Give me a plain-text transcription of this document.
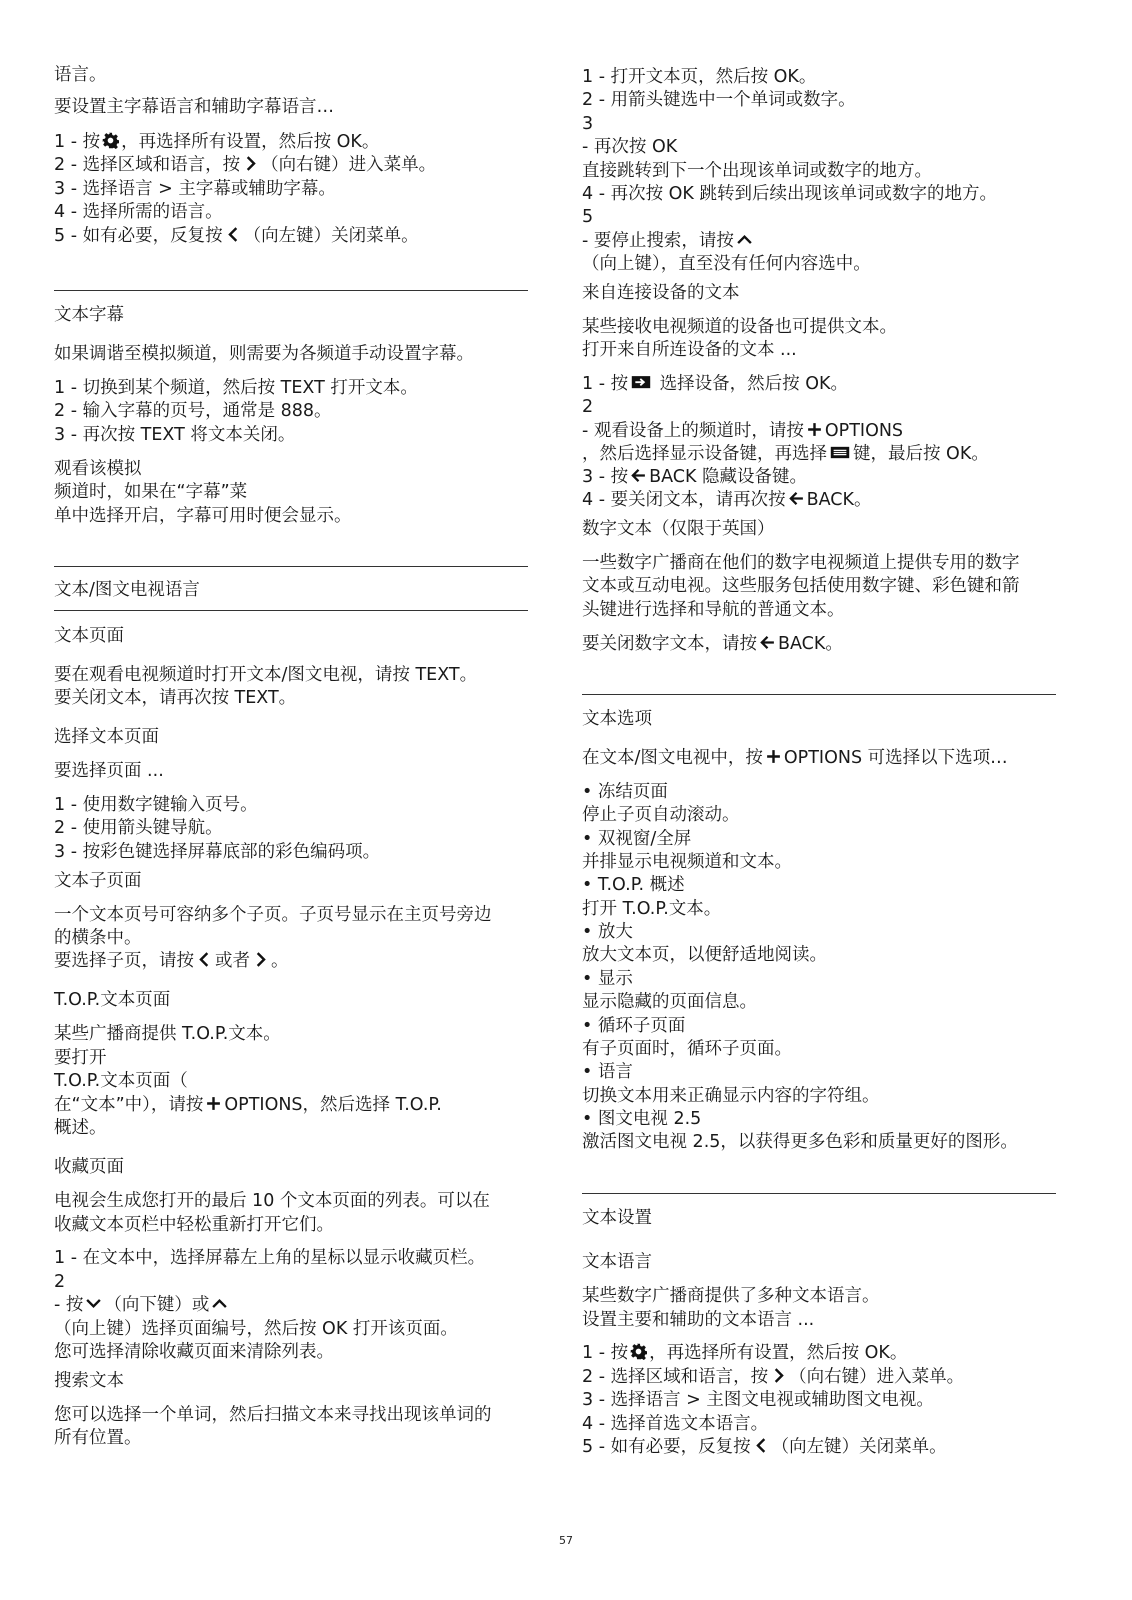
语言。
要设置主字幕语言和辅助字幕语言…
1 - 按 ，再选择所有设置，然后按 OK。
2 - 选择区域和语言，按 （向右键）进入菜单。
3 - 选择语言 > 主字幕或辅助字幕。
4 - 选择所需的语言。
5 - 如有必要，反复按 （向左键）关闭菜单。
文本字幕
如果调谐至模拟频道，则需要为各频道手动设置字幕。
1 - 切换到某个频道，然后按 TEXT 打开文本。
2 - 输入字幕的页号，通常是 888。
3 - 再次按 TEXT 将文本关闭。
观看该模拟
频道时，如果在“字幕”菜
单中选择开启，字幕可用时便会显示。
文本/图文电视语言
文本页面
要在观看电视频道时打开文本/图文电视，请按 TEXT。
要关闭文本，请再次按 TEXT。
选择文本页面
要选择页面 ...
1 - 使用数字键输入页号。
2 - 使用箭头键导航。
3 - 按彩色键选择屏幕底部的彩色编码项。
文本子页面
一个文本页号可容纳多个子页。子页号显示在主页号旁边
的横条中。
要选择子页，请按 或者 。
T.O.P.文本页面
某些广播商提供 T.O.P.文本。
要打开
T.O.P.文本页面（
在“文本”中），请按 OPTIONS，然后选择 T.O.P.
概述。
收藏页面
电视会生成您打开的最后 10 个文本页面的列表。可以在
收藏文本页栏中轻松重新打开它们。
1 - 在文本中，选择屏幕左上角的星标以显示收藏页栏。
2
- 按 （向下键）或
（向上键）选择页面编号，然后按 OK 打开该页面。
您可选择清除收藏页面来清除列表。
搜索文本
您可以选择一个单词，然后扫描文本来寻找出现该单词的
所有位置。
1 - 打开文本页，然后按 OK。
2 - 用箭头键选中一个单词或数字。
3
- 再次按 OK
直接跳转到下一个出现该单词或数字的地方。
4 - 再次按 OK 跳转到后续出现该单词或数字的地方。
5
- 要停止搜索，请按
（向上键），直至没有任何内容选中。
来自连接设备的文本
某些接收电视频道的设备也可提供文本。
打开来自所连设备的文本 ...
1 - 按 选择设备，然后按 OK。
2
- 观看设备上的频道时，请按 OPTIONS
，然后选择显示设备键，再选择 键，最后按 OK。
3 - 按 BACK 隐藏设备键。
4 - 要关闭文本，请再次按 BACK。
数字文本（仅限于英国）
一些数字广播商在他们的数字电视频道上提供专用的数字
文本或互动电视。这些服务包括使用数字键、彩色键和箭
头键进行选择和导航的普通文本。
要关闭数字文本，请按 BACK。
文本选项
在文本/图文电视中，按 OPTIONS 可选择以下选项…
• 冻结页面
停止子页自动滚动。
• 双视窗/全屏
并排显示电视频道和文本。
• T.O.P. 概述
打开 T.O.P.文本。
• 放大
放大文本页，以便舒适地阅读。
• 显示
显示隐藏的页面信息。
• 循环子页面
有子页面时，循环子页面。
• 语言
切换文本用来正确显示内容的字符组。
• 图文电视 2.5
激活图文电视 2.5，以获得更多色彩和质量更好的图形。
文本设置
文本语言
某些数字广播商提供了多种文本语言。
设置主要和辅助的文本语言 ...
1 - 按 ，再选择所有设置，然后按 OK。
2 - 选择区域和语言，按 （向右键）进入菜单。
3 - 选择语言 > 主图文电视或辅助图文电视。
4 - 选择首选文本语言。
5 - 如有必要，反复按 （向左键）关闭菜单。
57
